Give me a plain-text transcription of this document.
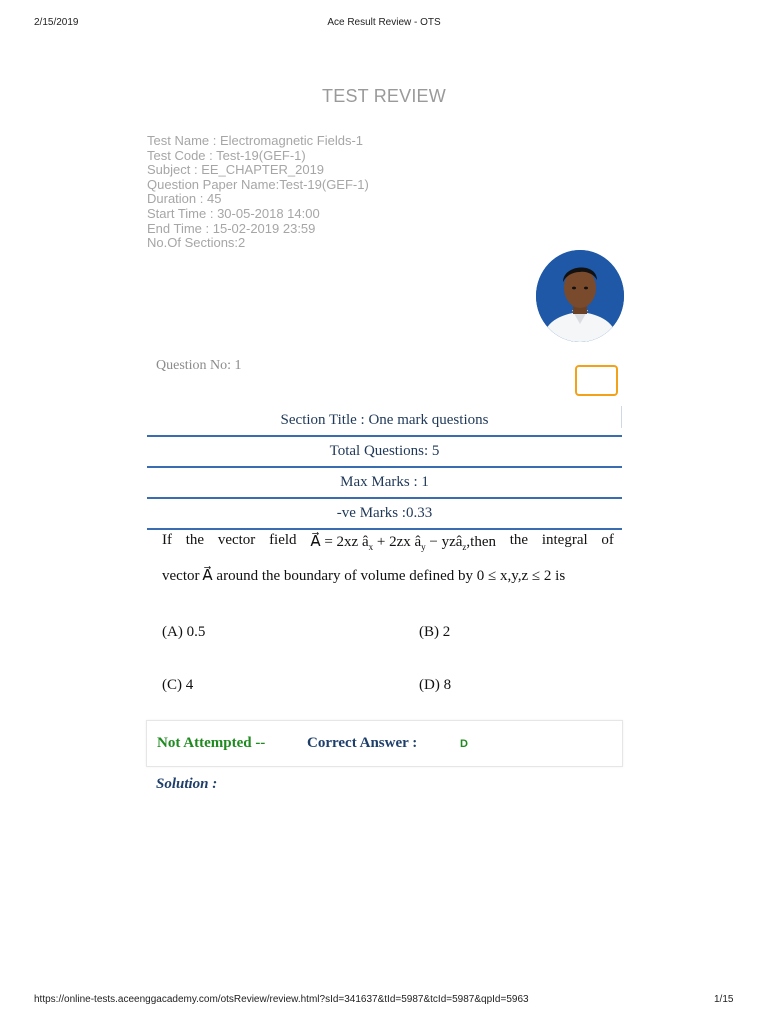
2/15/2019	Ace Result Review - OTS
TEST REVIEW
Test Name : Electromagnetic Fields-1
Test Code : Test-19(GEF-1)
Subject : EE_CHAPTER_2019
Question Paper Name:Test-19(GEF-1)
Duration : 45
Start Time : 30-05-2018 14:00
End Time : 15-02-2019 23:59
No.Of Sections:2
Question No: 1
Section Title : One mark questions
Total Questions: 5
Max Marks : 1
-ve Marks :0.33
If the vector field A⃗ = 2xz $â_x + 2zx$ $â_y$ − yzâ$_z$,then the integral of
vector A⃗ around the boundary of volume defined by 0 ≤ x,y,z ≤ 2 is
(A) 0.5	(B) 2
(C) 4	(D) 8
Not Attempted --	Correct Answer :	D
Solution :
https://online-tests.aceenggacademy.com/otsReview/review.html?sId=341637&tId=5987&tcId=5987&qpId=5963	1/15
